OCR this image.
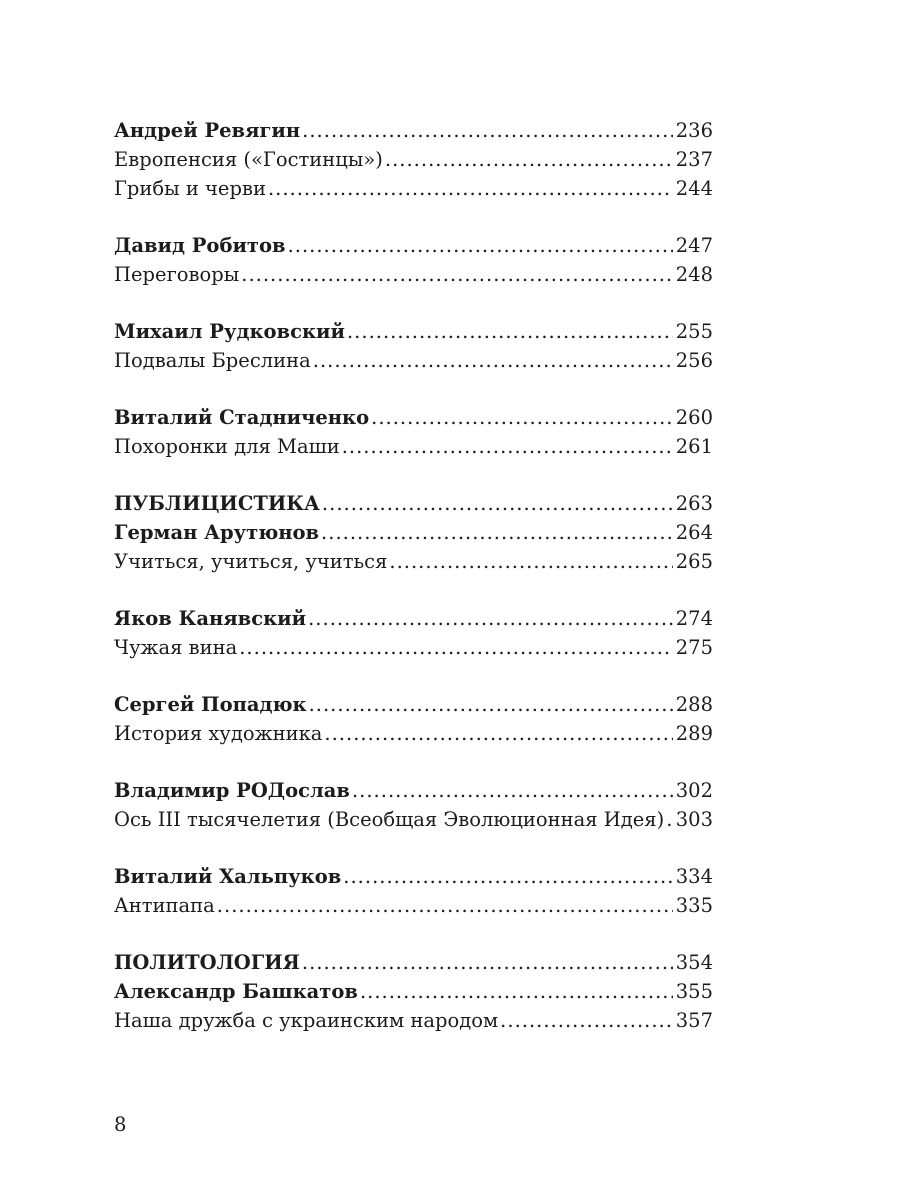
Андрей Ревягин .....	236
Европенсия («Гостинцы») .....	237
Грибы и черви .....	244
Давид Робитов .....	247
Переговоры .....	248
Михаил Рудковский .....	255
Подвалы Бреслина .....	256
Виталий Стадниченко .....	260
Похоронки для Маши .....	261
ПУБЛИЦИСТИКА .....	263
Герман Арутюнов .....	264
Учиться, учиться, учиться .....	265
Яков Канявский .....	274
Чужая вина .....	275
Сергей Попадюк .....	288
История художника .....	289
Владимир РОДослав .....	302
Ось III тысячелетия (Всеобщая Эволюционная Идея) ..... 303
Виталий Хальпуков .....	334
Антипапа .....	335
ПОЛИТОЛОГИЯ .....	354
Александр Башкатов .....	355
Наша дружба с украинским народом .....	357
8
